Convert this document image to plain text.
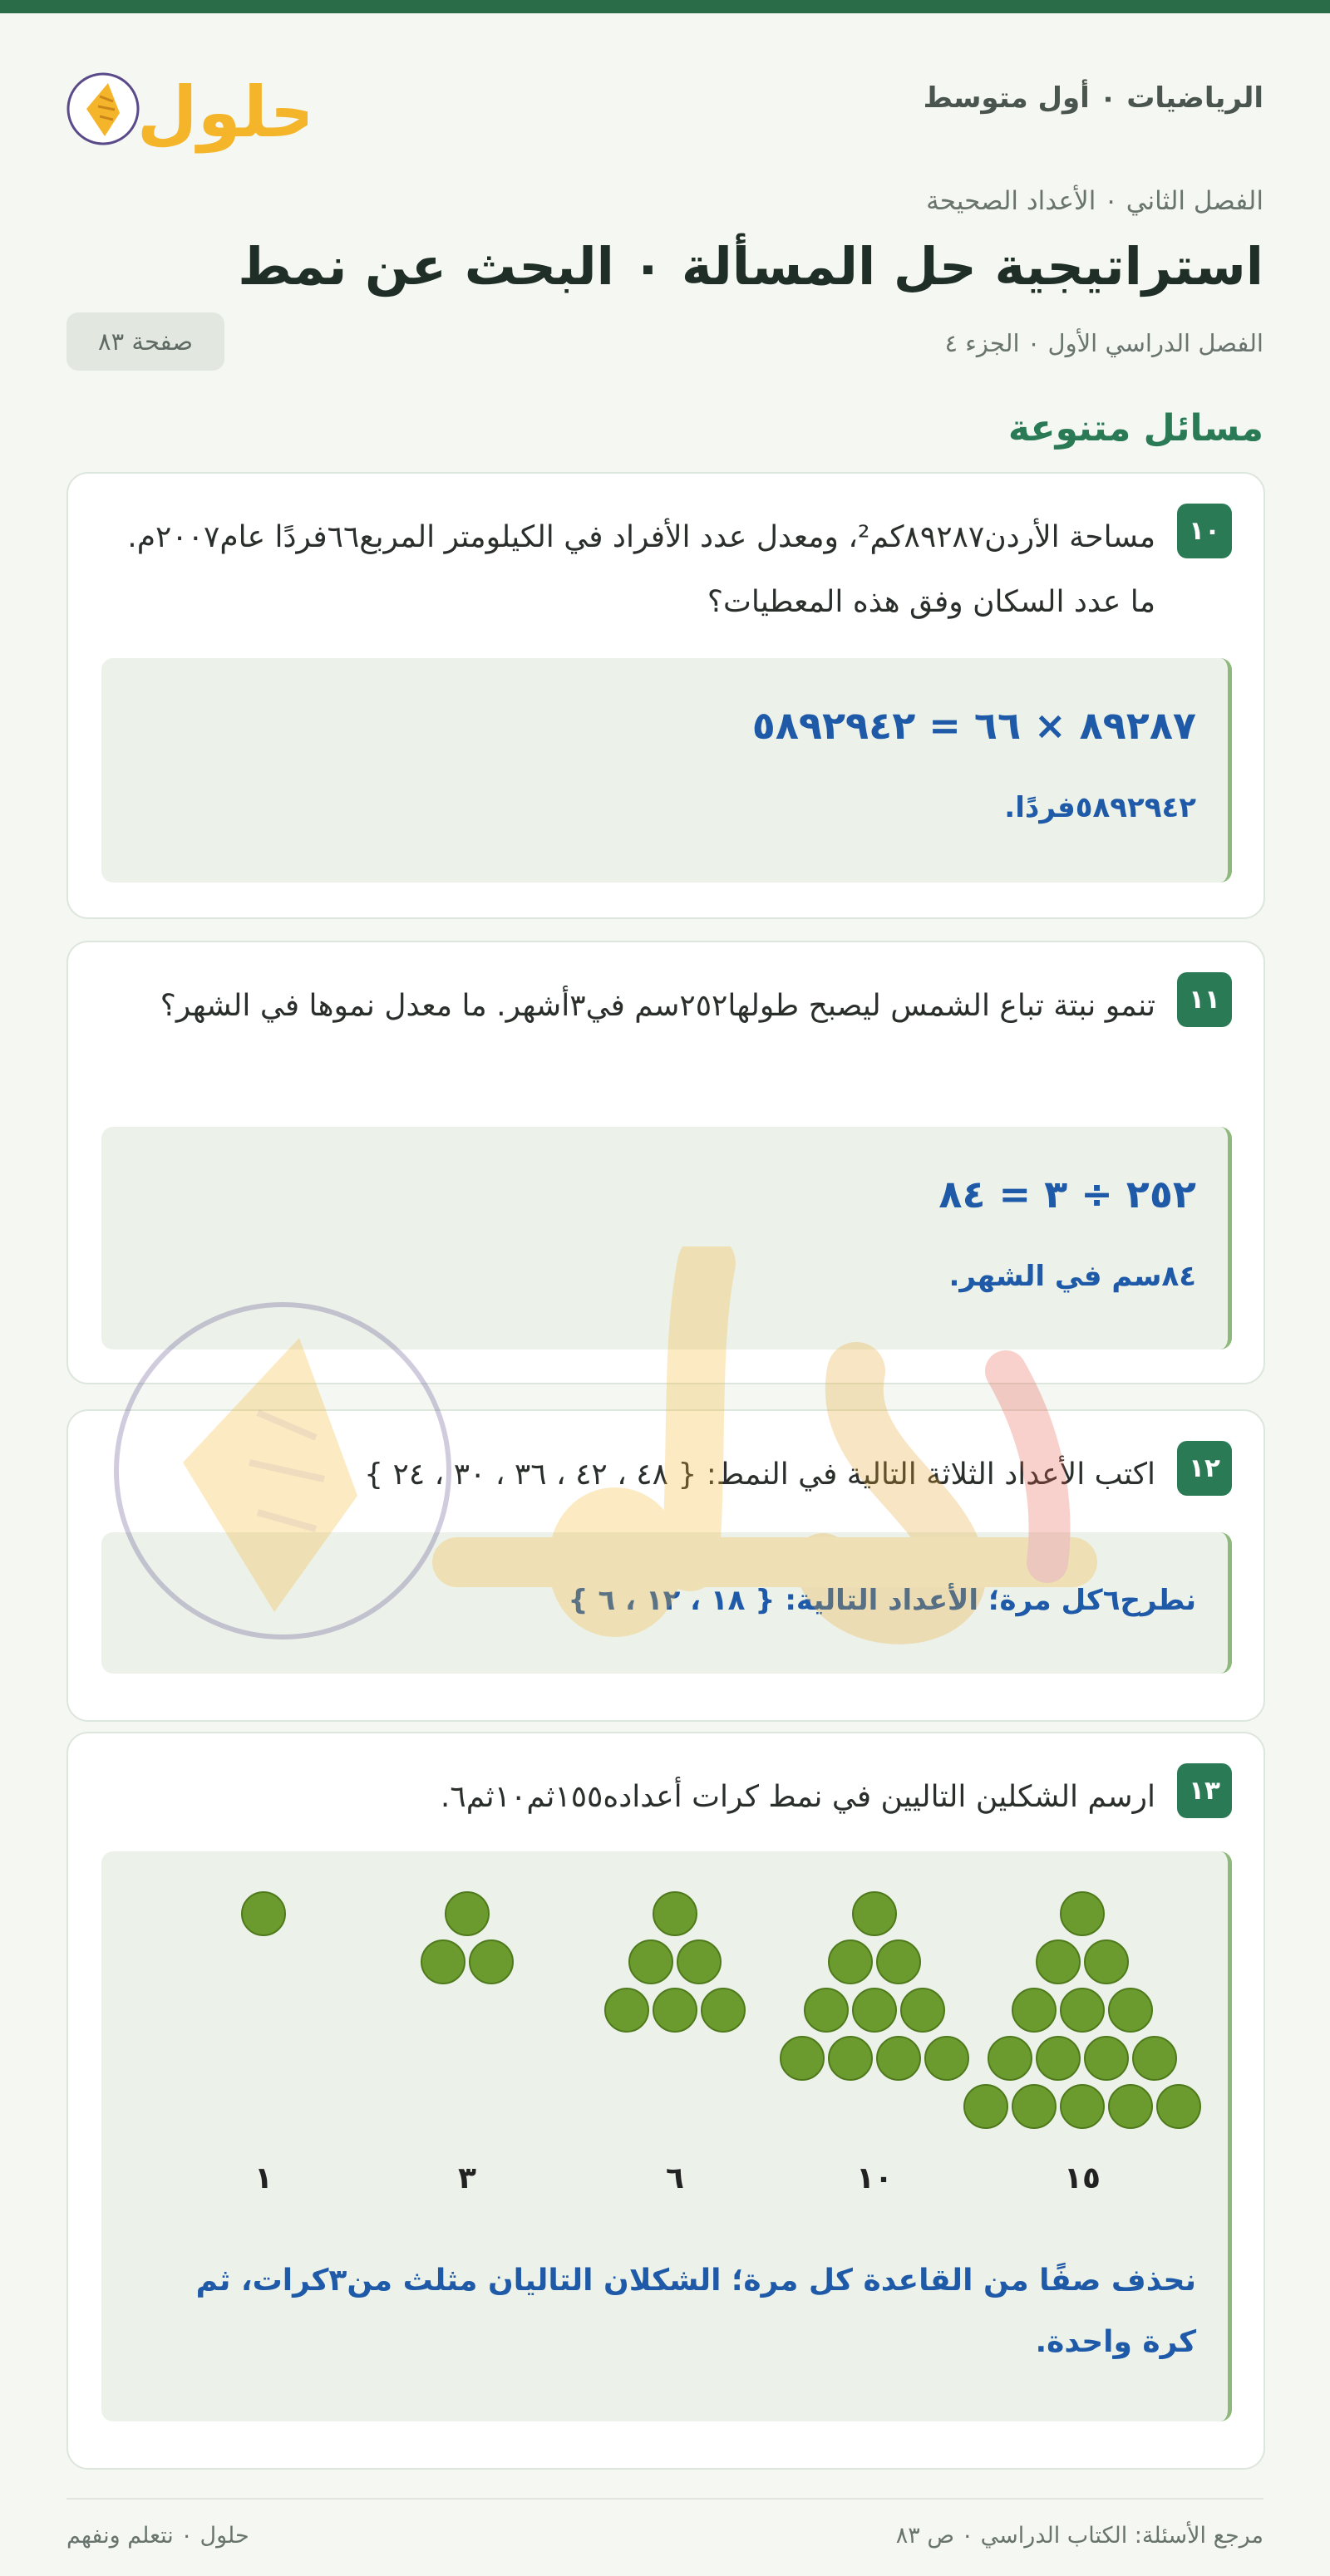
الرياضيات ٠ أول متوسط
حلول
الفصل الثاني ٠ الأعداد الصحيحة
استراتيجية حل المسألة ٠ البحث عن نمط
الفصل الدراسي الأول ٠ الجزء ٤
صفحة ٨٣
مسائل متنوعة
١٠

مساحة الأردن٨٩٢٨٧كم²، ومعدل عدد الأفراد في الكيلومتر المربع٦٦فردًا عام٢٠٠٧م. ما عدد السكان وفق هذه المعطيات؟

٨٩٢٨٧ × ٦٦ = ٥٨٩٢٩٤٢
٥٨٩٢٩٤٢فردًا.
١١

تنمو نبتة تباع الشمس ليصبح طولها٢٥٢سم في٣أشهر. ما معدل نموها في الشهر؟

٢٥٢ ÷ ٣ = ٨٤
٨٤سم في الشهر.
١٢

اكتب الأعداد الثلاثة التالية في النمط: { ٤٨ ، ٤٢ ، ٣٦ ، ٣٠ ، ٢٤ }

نطرح٦كل مرة؛ الأعداد التالية: { ١٨ ، ١٢ ، ٦ }
١٣

ارسم الشكلين التاليين في نمط كرات أعداده١٥٥ثم١٠ثم٦.

١٥
١٠
٦
٣
١
نحذف صفًا من القاعدة كل مرة؛ الشكلان التاليان مثلث من٣كرات، ثم كرة واحدة.
مرجع الأسئلة: الكتاب الدراسي ٠ ص ٨٣
حلول ٠ نتعلم ونفهم
